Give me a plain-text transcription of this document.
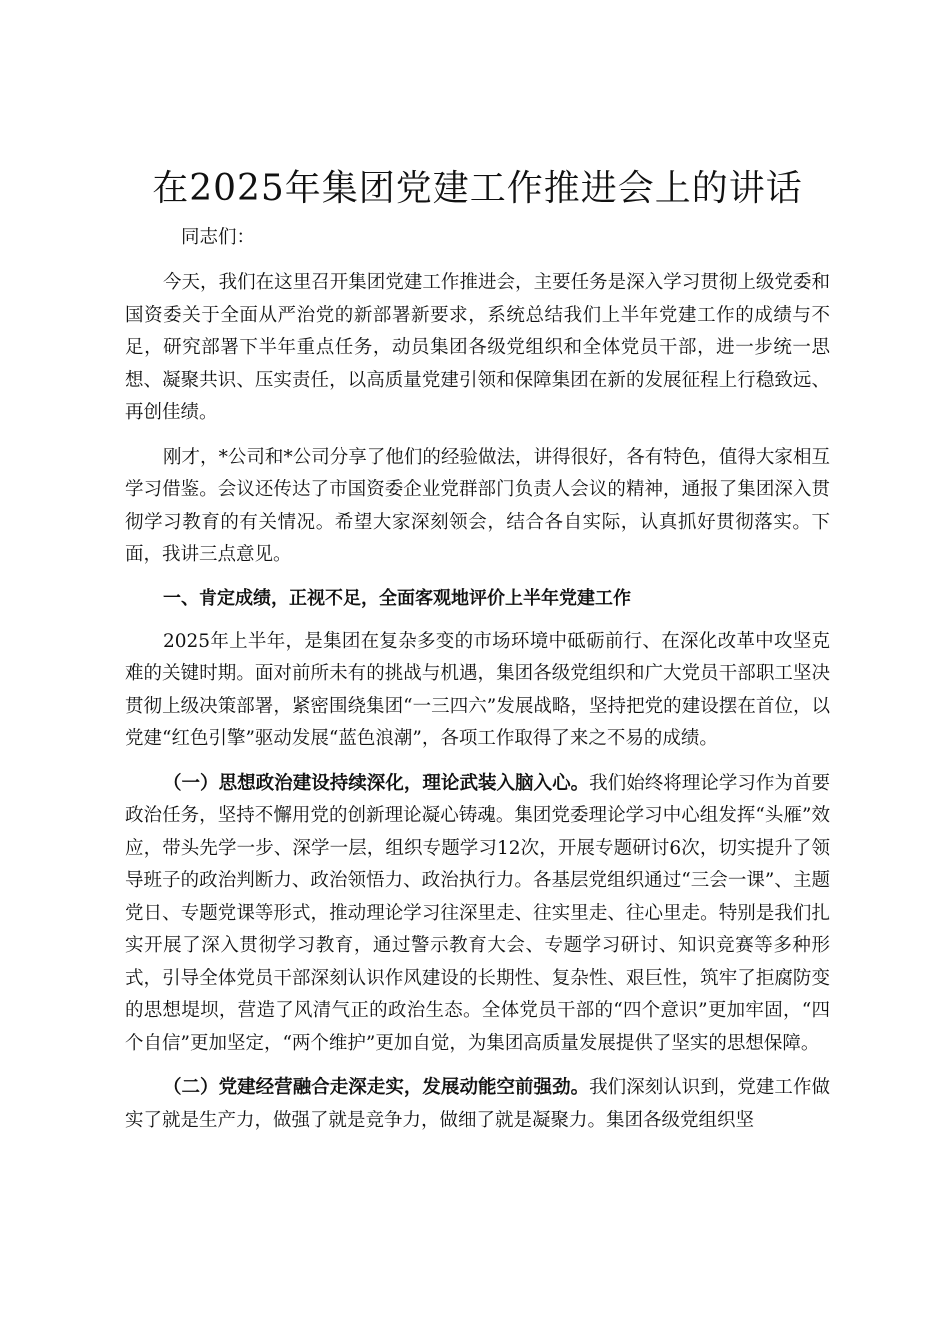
在2025年集团党建工作推进会上的讲话

同志们：

今天，我们在这里召开集团党建工作推进会，主要任务是深入学习贯彻上级党委和国资委关于全面从严治党的新部署新要求，系统总结我们上半年党建工作的成绩与不足，研究部署下半年重点任务，动员集团各级党组织和全体党员干部，进一步统一思想、凝聚共识、压实责任，以高质量党建引领和保障集团在新的发展征程上行稳致远、再创佳绩。

刚才，*公司和*公司分享了他们的经验做法，讲得很好，各有特色，值得大家相互学习借鉴。会议还传达了市国资委企业党群部门负责人会议的精神，通报了集团深入贯彻学习教育的有关情况。希望大家深刻领会，结合各自实际，认真抓好贯彻落实。下面，我讲三点意见。

一、肯定成绩，正视不足，全面客观地评价上半年党建工作

2025年上半年，是集团在复杂多变的市场环境中砥砺前行、在深化改革中攻坚克难的关键时期。面对前所未有的挑战与机遇，集团各级党组织和广大党员干部职工坚决贯彻上级决策部署，紧密围绕集团“一三四六”发展战略，坚持把党的建设摆在首位，以党建“红色引擎”驱动发展“蓝色浪潮”，各项工作取得了来之不易的成绩。

（一）思想政治建设持续深化，理论武装入脑入心。我们始终将理论学习作为首要政治任务，坚持不懈用党的创新理论凝心铸魂。集团党委理论学习中心组发挥“头雁”效应，带头先学一步、深学一层，组织专题学习12次，开展专题研讨6次，切实提升了领导班子的政治判断力、政治领悟力、政治执行力。各基层党组织通过“三会一课”、主题党日、专题党课等形式，推动理论学习往深里走、往实里走、往心里走。特别是我们扎实开展了深入贯彻学习教育，通过警示教育大会、专题学习研讨、知识竞赛等多种形式，引导全体党员干部深刻认识作风建设的长期性、复杂性、艰巨性，筑牢了拒腐防变的思想堤坝，营造了风清气正的政治生态。全体党员干部的“四个意识”更加牢固，“四个自信”更加坚定，“两个维护”更加自觉，为集团高质量发展提供了坚实的思想保障。

（二）党建经营融合走深走实，发展动能空前强劲。我们深刻认识到，党建工作做实了就是生产力，做强了就是竞争力，做细了就是凝聚力。集团各级党组织坚
